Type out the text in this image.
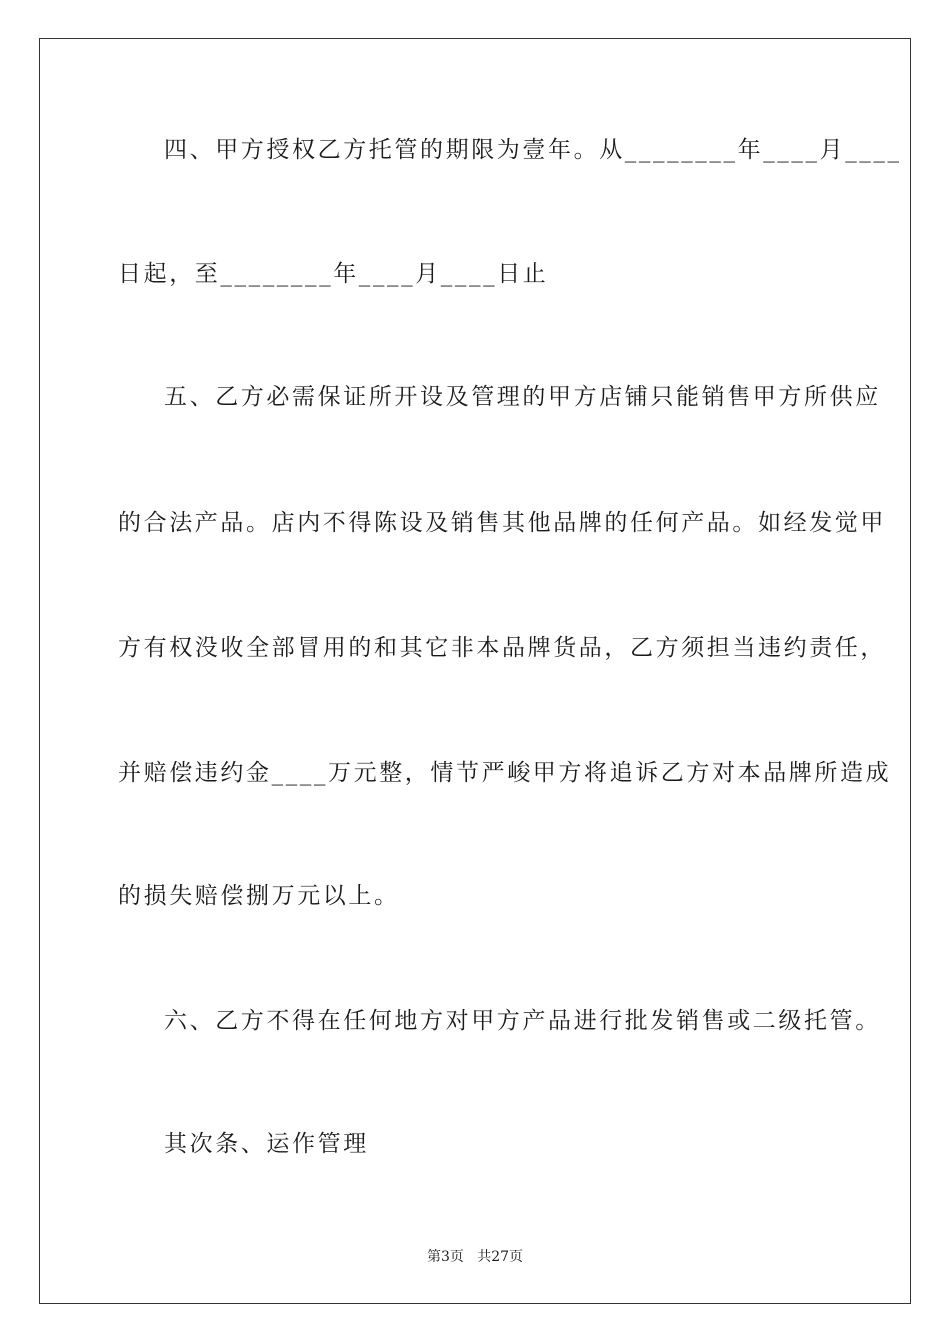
四、甲方授权乙方托管的期限为壹年。从________年____月____
日起，至________年____月____日止
五、乙方必需保证所开设及管理的甲方店铺只能销售甲方所供应
的合法产品。店内不得陈设及销售其他品牌的任何产品。如经发觉甲
方有权没收全部冒用的和其它非本品牌货品，乙方须担当违约责任，
并赔偿违约金____万元整，情节严峻甲方将追诉乙方对本品牌所造成
的损失赔偿捌万元以上。
六、乙方不得在任何地方对甲方产品进行批发销售或二级托管。
其次条、运作管理
第3页   共27页
